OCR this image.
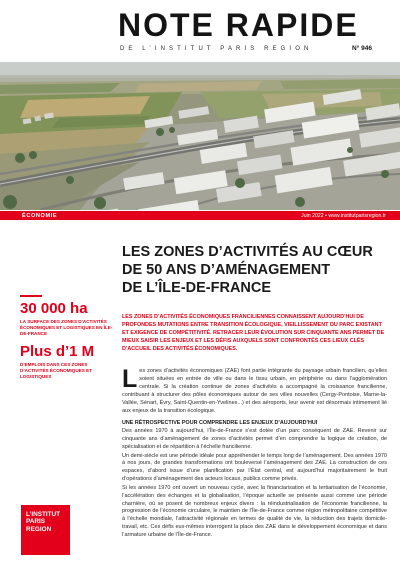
NOTE RAPIDE
DE L’INSTITUT PARIS REGION	N° 946
ÉCONOMIE	Juin 2022 • www.institutparisregion.fr
30 000 ha
LA SURFACE DES ZONES D’ACTIVITÉS ÉCONOMIQUES ET LOGISTIQUES EN ÎLE-DE-FRANCE
Plus d’1 M
D’EMPLOIS DANS CES ZONES D’ACTIVITÉS ÉCONOMIQUES ET LOGISTIQUES
L’INSTITUT
PARIS
REGION
LES ZONES D’ACTIVITÉS AU CŒUR
DE 50 ANS D’AMÉNAGEMENT
DE L’ÎLE-DE-FRANCE

LES ZONES D’ACTIVITÉS ÉCONOMIQUES FRANCILIENNES CONNAISSENT AUJOURD’HUI DE PROFONDES MUTATIONS ENTRE TRANSITION ÉCOLOGIQUE, VIEILLISSEMENT DU PARC EXISTANT ET EXIGENCE DE COMPÉTITIVITÉ. RETRACER LEUR ÉVOLUTION SUR CINQUANTE ANS PERMET DE MIEUX SAISIR LES ENJEUX ET LES DÉFIS AUXQUELS SONT CONFRONTÉS CES LIEUX CLÉS D’ACCUEIL DES ACTIVITÉS ÉCONOMIQUES.

Les zones d’activités économiques (ZAE) font partie intégrante du paysage urbain francilien, qu’elles soient situées en entrée de ville ou dans le tissu urbain, en périphérie ou dans l’agglomération centrale. Si la création continue de zones d’activités a accompagné la croissance francilienne, contribuant à structurer des pôles économiques autour de ses villes nouvelles (Cergy-Pontoise, Marne-la-Vallée, Sénart, Évry, Saint-Quentin-en-Yvelines...) et des aéroports, leur avenir est désormais intimement lié aux enjeux de la transition écologique.

UNE RÉTROSPECTIVE POUR COMPRENDRE LES ENJEUX D’AUJOURD’HUI

Des années 1970 à aujourd’hui, l’Île-de-France s’est dotée d’un parc conséquent de ZAE. Revenir sur cinquante ans d’aménagement de zones d’activités permet d’en comprendre la logique de création, de spécialisation et de répartition à l’échelle francilienne.

Un demi-siècle est une période idéale pour appréhender le temps long de l’aménagement. Des années 1970 à nos jours, de grandes transformations ont bouleversé l’aménagement des ZAE. La construction de ces espaces, d’abord issue d’une planification par l’État central, est aujourd’hui majoritairement le fruit d’opérations d’aménagement des acteurs locaux, publics comme privés.

Si les années 1970 ont ouvert un nouveau cycle, avec la financiarisation et la tertiarisation de l’économie, l’accélération des échanges et la globalisation, l’époque actuelle se présente aussi comme une période charnière, où se posent de nombreux enjeux divers : la réindustrialisation de l’économie francilienne, la progression de l’économie circulaire, le maintien de l’Île-de-France comme région métropolitaine compétitive à l’échelle mondiale, l’attractivité régionale en termes de qualité de vie, la réduction des trajets domicile-travail, etc. Ces défis eux-mêmes interrogent la place des ZAE dans le développement économique et dans l’armature urbaine de l’Île-de-France.
